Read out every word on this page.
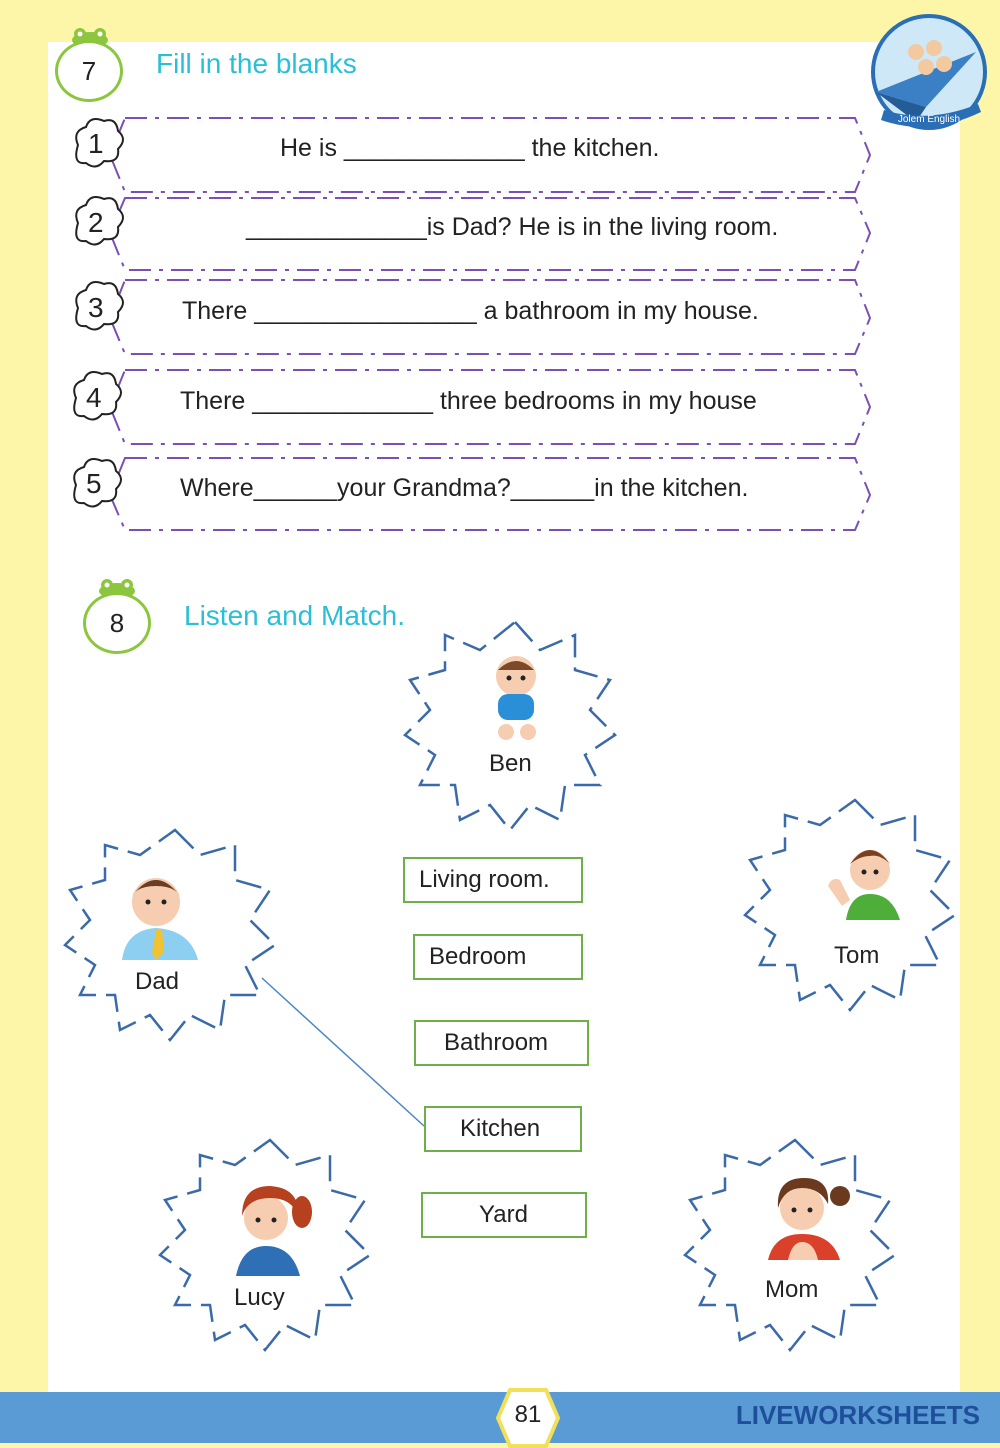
Jolem English
7	Fill in the blanks
1
2
3
4
5
He is _____________ the kitchen.
_____________is Dad? He is in the living room.
There ________________ a bathroom in my house.
There _____________ three bedrooms in my house
Where______your Grandma?______in the kitchen.
8	Listen and Match.
Ben
Dad
Tom
Lucy	Mom
Living room.
Bedroom
Bathroom
Kitchen
Yard
81	LIVEWORKSHEETS
